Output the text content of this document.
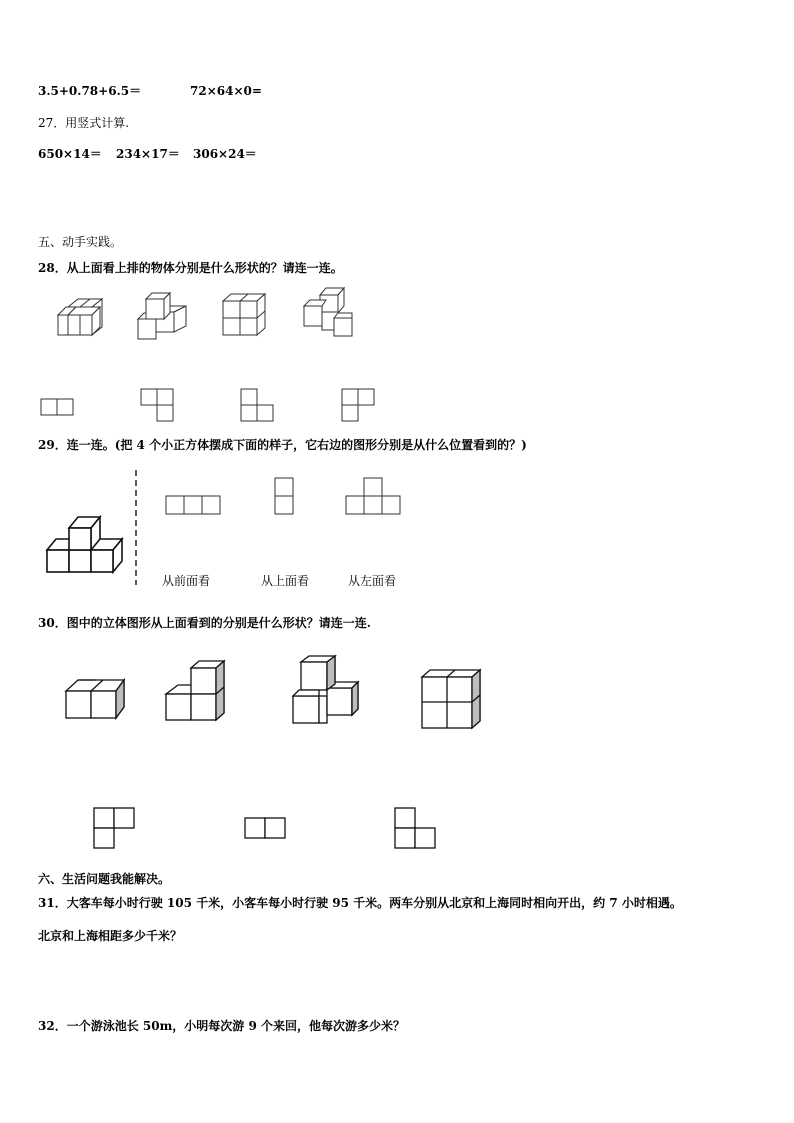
3.5+0.78+6.5＝	72×64×0=
27．用竖式计算.
650×14＝ 234×17＝ 306×24＝
五、动手实践。
28．从上面看上排的物体分别是什么形状的？请连一连。
29．连一连。(把 4 个小正方体摆成下面的样子，它右边的图形分别是从什么位置看到的？)
30．图中的立体图形从上面看到的分别是什么形状？请连一连.
六、生活问题我能解决。
31．大客车每小时行驶 105 千米，小客车每小时行驶 95 千米。两车分别从北京和上海同时相向开出，约 7 小时相遇。
北京和上海相距多少千米？
32．一个游泳池长 50m，小明每次游 9 个来回，他每次游多少米？
从前面看	从上面看	从左面看
